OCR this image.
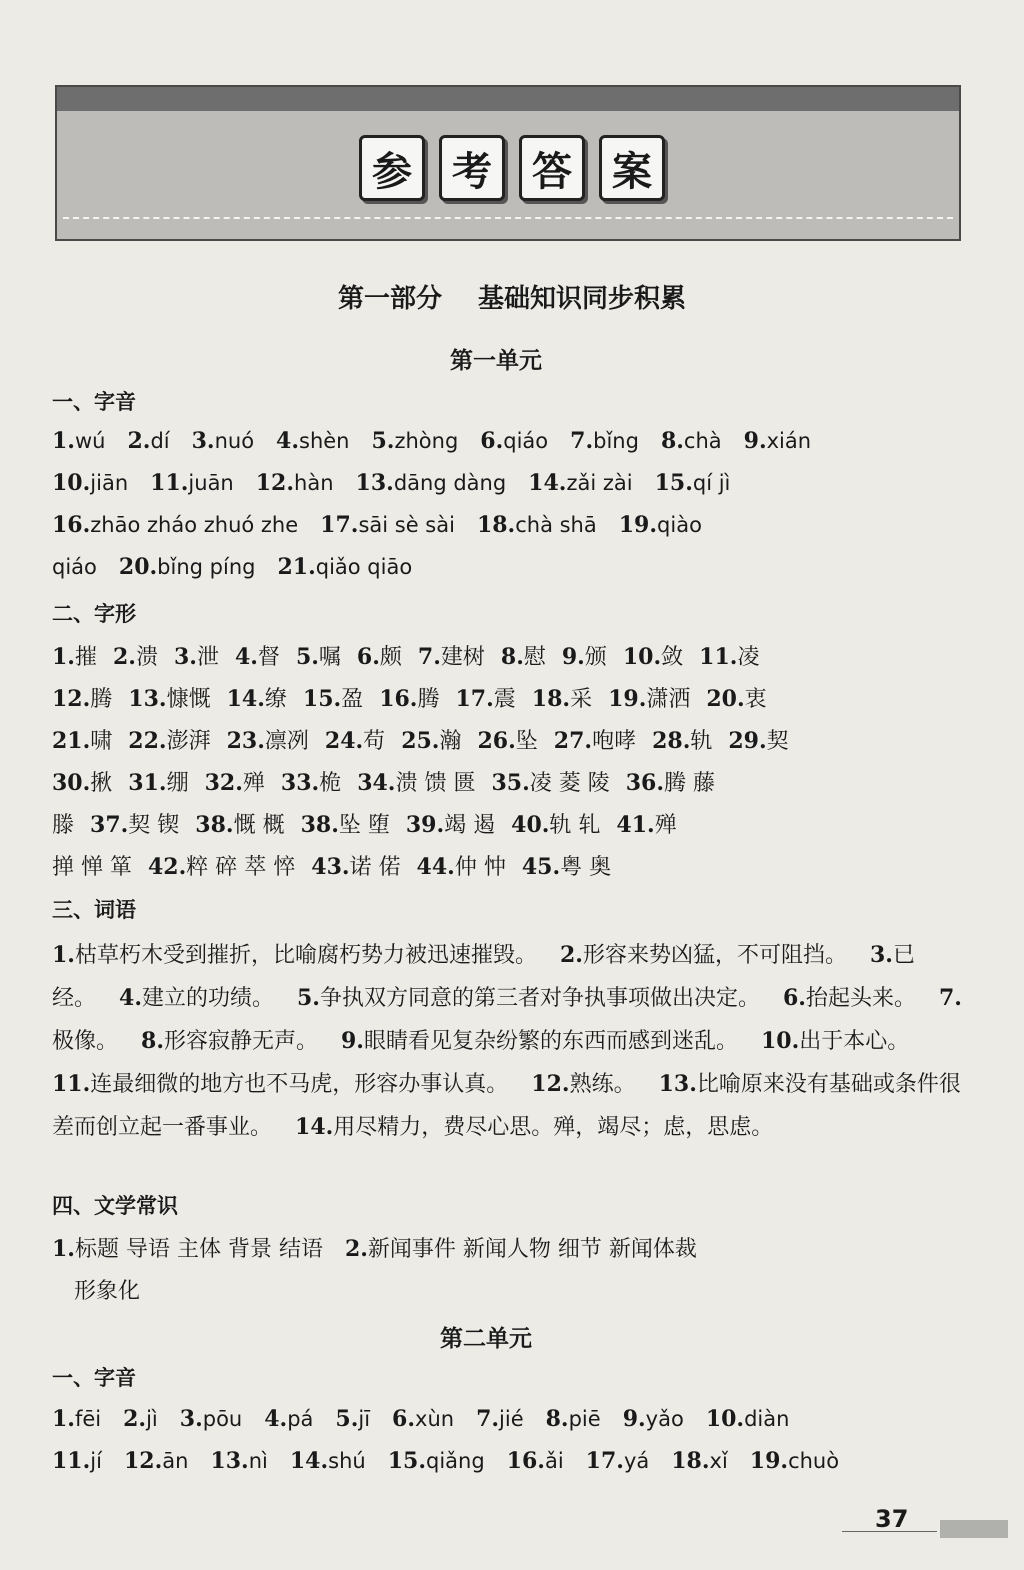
参	考	答	案
第一部分 基础知识同步积累
第一单元
一、字音
1.wú 2.dí 3.nuó 4.shèn 5.zhòng 6.qiáo 7.bǐng 8.chà 9.xián
10.jiān 11.juān 12.hàn 13.dāng dàng 14.zǎi zài 15.qí jì
16.zhāo zháo zhuó zhe 17.sāi sè sài 18.chà shā 19.qiào
qiáo 20.bǐng píng 21.qiǎo qiāo
二、字形
1.摧 2.溃 3.泄 4.督 5.嘱 6.颇 7.建树 8.慰 9.颁 10.敛 11.凌
12.腾 13.慷慨 14.缭 15.盈 16.腾 17.震 18.采 19.潇洒 20.衷
21.啸 22.澎湃 23.凛冽 24.苟 25.瀚 26.坠 27.咆哮 28.轨 29.契
30.揪 31.绷 32.殚 33.桅 34.溃 馈 匮 35.凌 菱 陵 36.腾 藤
滕 37.契 锲 38.慨 概 38.坠 堕 39.竭 遏 40.轨 轧 41.殚
掸 惮 箪 42.粹 碎 萃 悴 43.诺 偌 44.仲 忡 45.粤 奥
三、词语
1.枯草朽木受到摧折，比喻腐朽势力被迅速摧毁。 2.形容来势凶猛，不可阻挡。 3.已经。 4.建立的功绩。 5.争执双方同意的第三者对争执事项做出决定。 6.抬起头来。 7.极像。 8.形容寂静无声。 9.眼睛看见复杂纷繁的东西而感到迷乱。 10.出于本心。 11.连最细微的地方也不马虎，形容办事认真。 12.熟练。 13.比喻原来没有基础或条件很差而创立起一番事业。 14.用尽精力，费尽心思。殚，竭尽；虑，思虑。
四、文学常识
1.标题 导语 主体 背景 结语 2.新闻事件 新闻人物 细节 新闻体裁
形象化
第二单元
一、字音
1.fēi 2.jì 3.pōu 4.pá 5.jī 6.xùn 7.jié 8.piē 9.yǎo 10.diàn
11.jí 12.ān 13.nì 14.shú 15.qiǎng 16.ǎi 17.yá 18.xǐ 19.chuò
37
